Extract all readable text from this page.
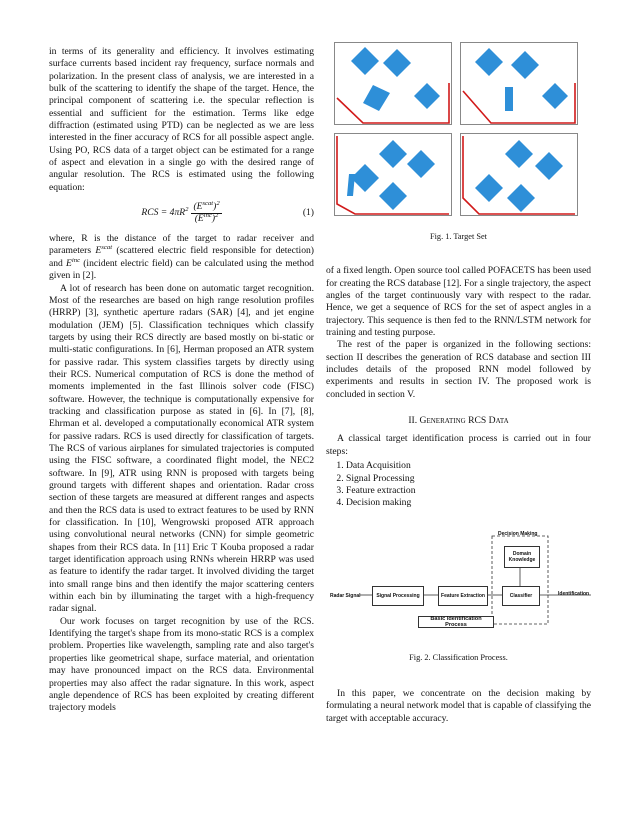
in terms of its generality and efficiency. It involves estimating surface currents based incident ray frequency, surface normals and polarization. In the present class of analysis, we are interested in a bulk of the scattering to identify the shape of the target. Hence, the principal component of scattering i.e. the specular reflection is essential and sufficient for the estimation. Terms like edge diffraction (estimated using PTD) can be neglected as we are less interested in the finer accuracy of RCS for all possible aspect angle. Using PO, RCS data of a target object can be estimated for a range of aspect and elevation in a single go with the desired range of angular resolution. The RCS is estimated using the following equation:

RCS = $4\pi R^2 \frac{(E^{scat})^2}{(E^{inc})^2}$	(1)

where, R is the distance of the target to radar receiver and parameters $E^{scat}$ (scattered electric field responsible for detection) and $E^{inc}$ (incident electric field) can be calculated using the method given in [2].

A lot of research has been done on automatic target recognition. Most of the researches are based on high range resolution profiles (HRRP) [3], synthetic aperture radars (SAR) [4], and jet engine modulation (JEM) [5]. Classification techniques which classify targets by using their RCS directly are based mostly on bi-static or multi-static configurations. In [6], Herman proposed an ATR system for passive radar. This system classifies targets by directly using their RCS. Numerical computation of RCS is done the method of moments implemented in the fast Illinois solver code (FISC) software. However, the technique is computationally expensive for tracking and classification purpose as stated in [6]. In [7], [8], Ehrman et al. developed a computationally economical ATR system for passive radars. RCS is used directly for classification of targets. The RCS of various airplanes for simulated trajectories is computed using the FISC software, a coordinated flight model, the NEC2 software. In [9], ATR using RNN is proposed with targets being ground targets with different shapes and orientation. Radar cross section of these targets are measured at different ranges and aspects and then the RCS data is used to extract features to be used by RNN for classification. In [10], Wengrowski proposed ATR approach using convolutional neural networks (CNN) for simple geometric shapes from their RCS data. In [11] Eric T Kouba proposed a radar target identification approach using RNNs wherein HRRP was used as feature to identify the radar target. It involved dividing the target into small range bins and then identify the major scattering centers within each bin by illuminating the target with a high-frequency radar signal.

Our work focuses on target recognition by use of the RCS. Identifying the target's shape from its mono-static RCS is a complex problem. Properties like wavelength, sampling rate and also target's properties like geometrical shape, surface material, and orientation may have pronounced impact on the RCS data. Environmental properties may also affect the radar signature. In this work, aspect angle dependence of RCS has been exploited by creating different trajectory models

Fig. 1. Target Set

of a fixed length. Open source tool called POFACETS has been used for creating the RCS database [12]. For a single trajectory, the aspect angles of the target continuously vary with respect to the radar. Hence, we get a sequence of RCS for the set of aspect angles in a trajectory. This sequence is then fed to the RNN/LSTM network for training and testing purpose.

The rest of the paper is organized in the following sections: section II describes the generation of RCS database and section III includes details of the proposed RNN model followed by experiments and results in section IV. The proposed work is concluded in section V.

II. Generating RCS Data

A classical target identification process is carried out in four steps:

1. Data Acquisition
2. Signal Processing
3. Feature extraction
4. Decision making
Decision Making
Domain Knowledge
Radar Signal	Signal Processing	Feature Extraction	Classifier	Identification
Basic Identification Process

Fig. 2. Classification Process.

In this paper, we concentrate on the decision making by formulating a neural network model that is capable of classifying the target with acceptable accuracy.
